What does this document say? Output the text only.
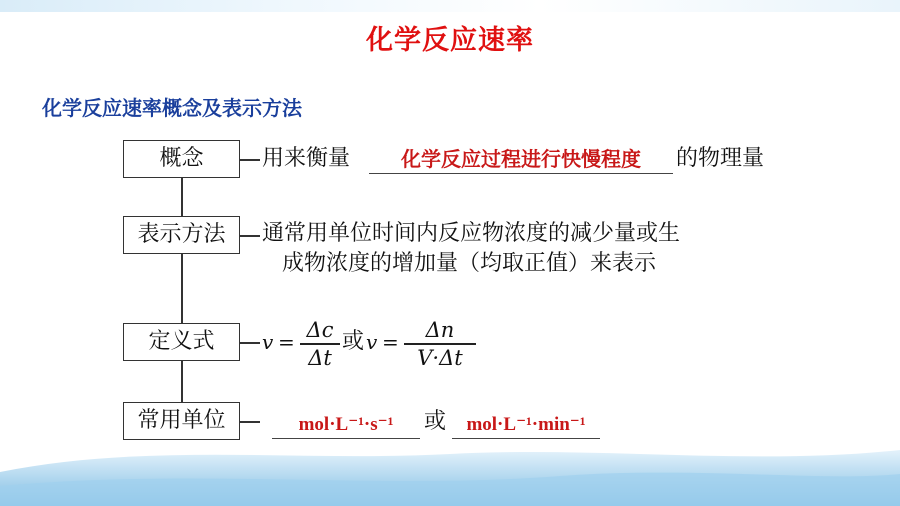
化学反应速率
化学反应速率概念及表示方法
概念	用来衡量	化学反应过程进行快慢程度	的物理量
表示方法	通常用单位时间内反应物浓度的减少量或生
成物浓度的增加量（均取正值）来表示
定义式	v = Δc
Δt
或 v =	Δn
V·Δt
常用单位	mol·L⁻¹·s⁻¹	或	mol·L⁻¹·min⁻¹
